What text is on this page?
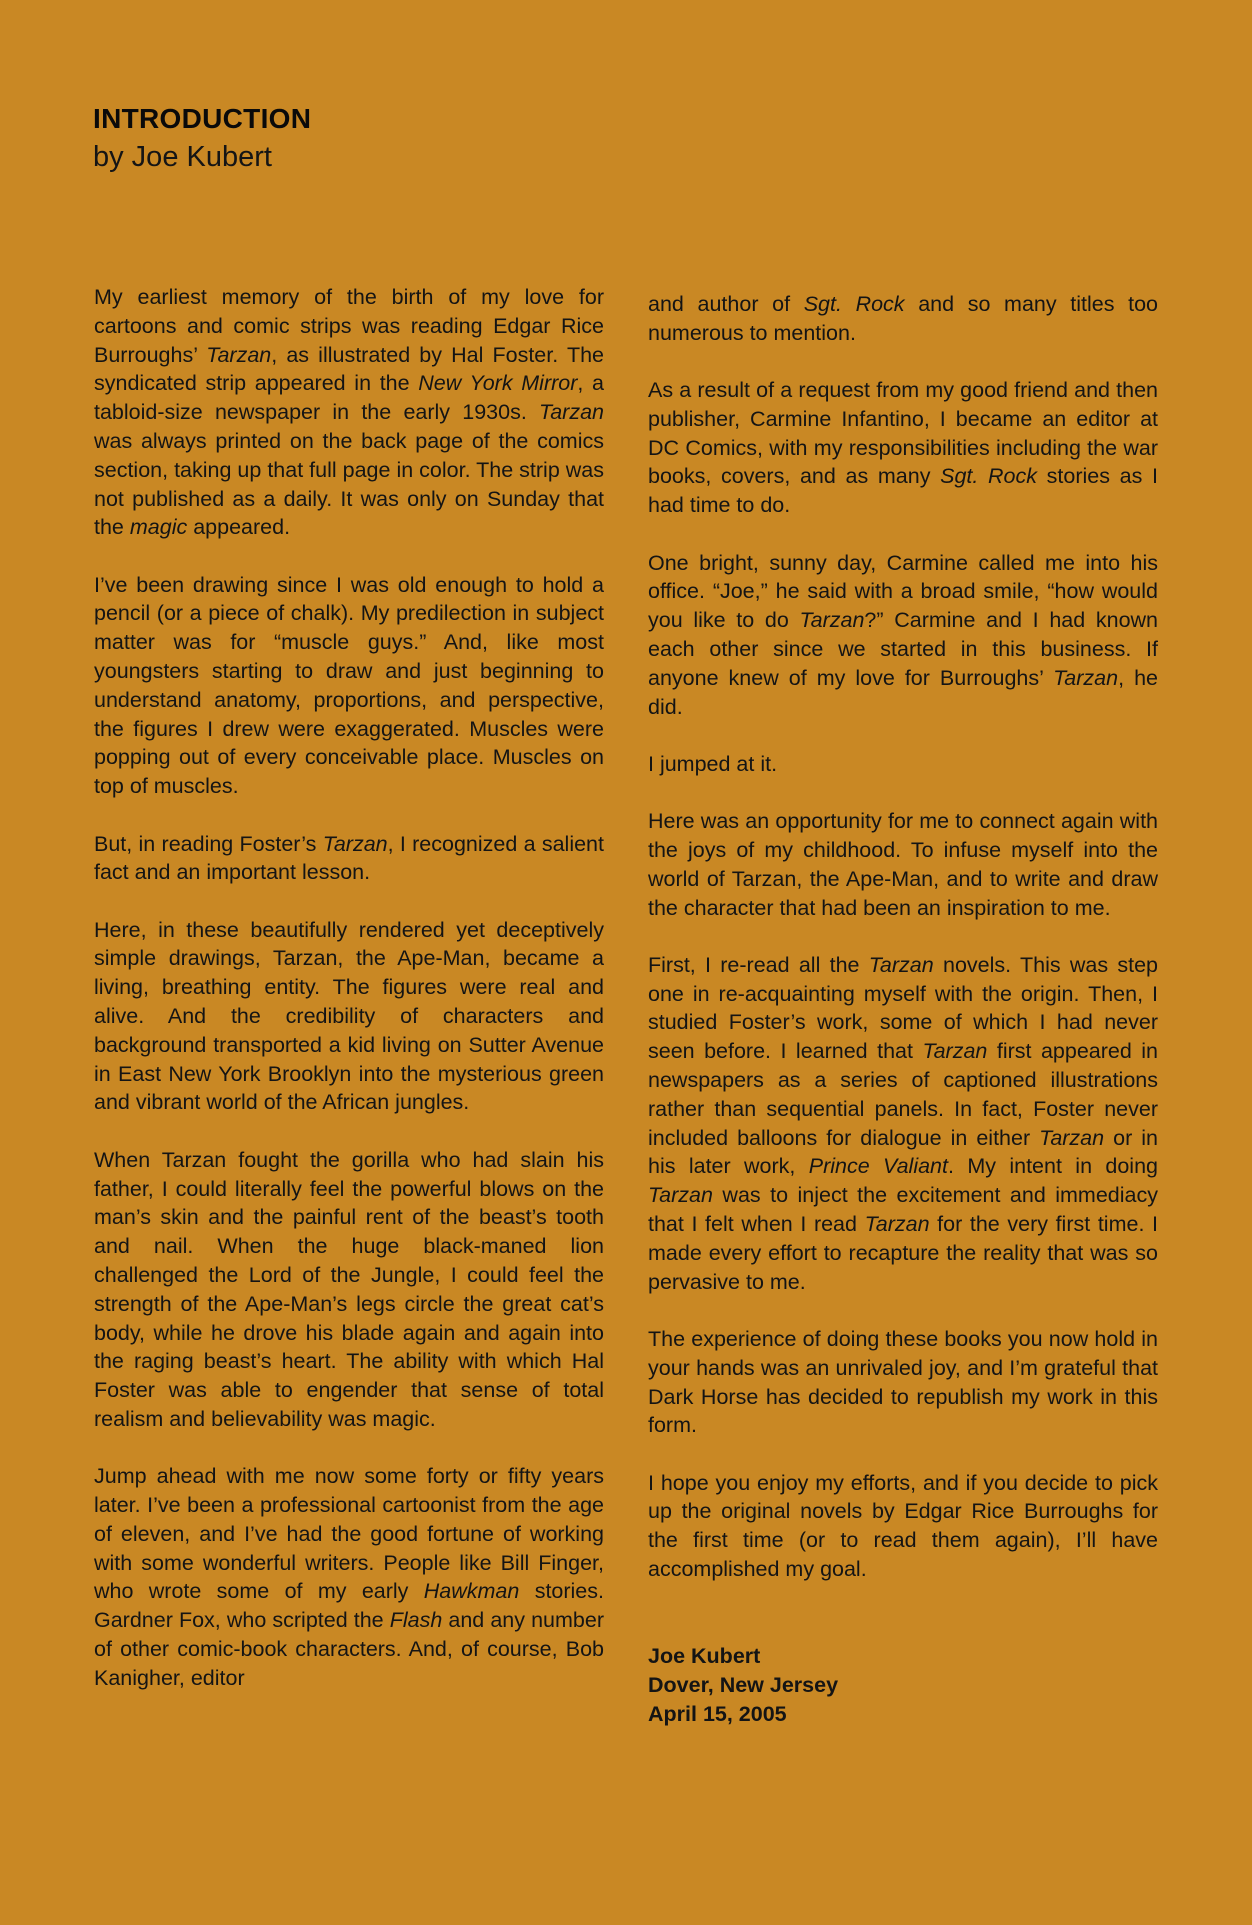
INTRODUCTION
by Joe Kubert

My earliest memory of the birth of my love for cartoons and comic strips was reading Edgar Rice Burroughs’ Tarzan, as illustrated by Hal Foster. The syndicated strip appeared in the New York Mirror, a tabloid-size newspaper in the early 1930s. Tarzan was always printed on the back page of the comics section, taking up that full page in color. The strip was not published as a daily. It was only on Sunday that the magic appeared.

I’ve been drawing since I was old enough to hold a pencil (or a piece of chalk). My predilection in subject matter was for “muscle guys.” And, like most youngsters starting to draw and just beginning to understand anatomy, proportions, and perspective, the figures I drew were exaggerated. Muscles were popping out of every conceivable place. Muscles on top of muscles.

But, in reading Foster’s Tarzan, I recognized a salient fact and an important lesson.

Here, in these beautifully rendered yet deceptively simple drawings, Tarzan, the Ape-Man, became a living, breathing entity. The figures were real and alive. And the credibility of characters and background transported a kid living on Sutter Avenue in East New York Brooklyn into the mysterious green and vibrant world of the African jungles.

When Tarzan fought the gorilla who had slain his father, I could literally feel the powerful blows on the man’s skin and the painful rent of the beast’s tooth and nail. When the huge black-maned lion challenged the Lord of the Jungle, I could feel the strength of the Ape-Man’s legs circle the great cat’s body, while he drove his blade again and again into the raging beast’s heart. The ability with which Hal Foster was able to engender that sense of total realism and believability was magic.

Jump ahead with me now some forty or fifty years later. I’ve been a professional cartoonist from the age of eleven, and I’ve had the good fortune of working with some wonderful writers. People like Bill Finger, who wrote some of my early Hawkman stories. Gardner Fox, who scripted the Flash and any number of other comic-book characters. And, of course, Bob Kanigher, editor

and author of Sgt. Rock and so many titles too numerous to mention.

As a result of a request from my good friend and then publisher, Carmine Infantino, I became an editor at DC Comics, with my responsibilities including the war books, covers, and as many Sgt. Rock stories as I had time to do.

One bright, sunny day, Carmine called me into his office. “Joe,” he said with a broad smile, “how would you like to do Tarzan?” Carmine and I had known each other since we started in this business. If anyone knew of my love for Burroughs’ Tarzan, he did.

I jumped at it.

Here was an opportunity for me to connect again with the joys of my childhood. To infuse myself into the world of Tarzan, the Ape-Man, and to write and draw the character that had been an inspiration to me.

First, I re-read all the Tarzan novels. This was step one in re-acquainting myself with the origin. Then, I studied Foster’s work, some of which I had never seen before. I learned that Tarzan first appeared in newspapers as a series of captioned illustrations rather than sequential panels. In fact, Foster never included balloons for dialogue in either Tarzan or in his later work, Prince Valiant. My intent in doing Tarzan was to inject the excitement and immediacy that I felt when I read Tarzan for the very first time. I made every effort to recapture the reality that was so pervasive to me.

The experience of doing these books you now hold in your hands was an unrivaled joy, and I’m grateful that Dark Horse has decided to republish my work in this form.

I hope you enjoy my efforts, and if you decide to pick up the original novels by Edgar Rice Burroughs for the first time (or to read them again), I’ll have accomplished my goal.

Joe Kubert
Dover, New Jersey
April 15, 2005
